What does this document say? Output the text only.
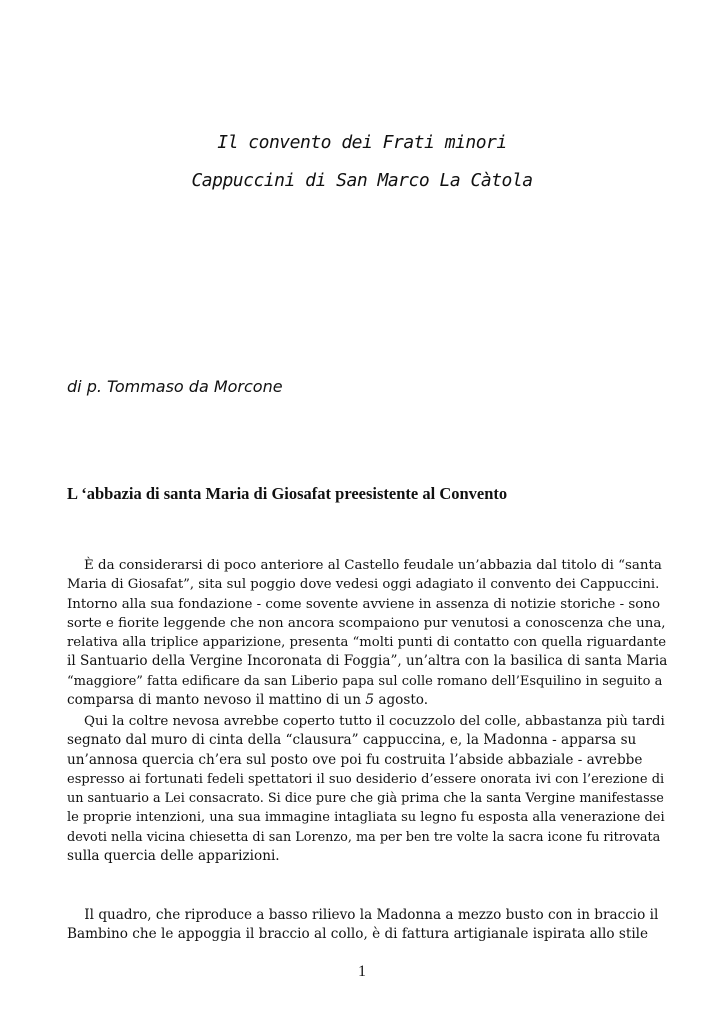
Il convento dei Frati minori
Cappuccini di San Marco La Càtola
di p. Tommaso da Morcone
L ‘abbazia di santa Maria di Giosafat preesistente al Convento
È da considerarsi di poco anteriore al Castello feudale un’abbazia dal titolo di “santa
Maria di Giosafat”, sita sul poggio dove vedesi oggi adagiato il convento dei Cappuccini.
Intorno alla sua fondazione - come sovente avviene in assenza di notizie storiche - sono
sorte e fiorite leggende che non ancora scompaiono pur venutosi a conoscenza che una,
relativa alla triplice apparizione, presenta “molti punti di contatto con quella riguardante
il Santuario della Vergine Incoronata di Foggia”, un’altra con la basilica di santa Maria
“maggiore” fatta edificare da san Liberio papa sul colle romano dell’Esquilino in seguito a
comparsa di manto nevoso il mattino di un 5 agosto.
Qui la coltre nevosa avrebbe coperto tutto il cocuzzolo del colle, abbastanza più tardi
segnato dal muro di cinta della “clausura” cappuccina, e, la Madonna - apparsa su
un’annosa quercia ch’era sul posto ove poi fu costruita l’abside abbaziale - avrebbe
espresso ai fortunati fedeli spettatori il suo desiderio d’essere onorata ivi con l’erezione di
un santuario a Lei consacrato. Si dice pure che già prima che la santa Vergine manifestasse
le proprie intenzioni, una sua immagine intagliata su legno fu esposta alla venerazione dei
devoti nella vicina chiesetta di san Lorenzo, ma per ben tre volte la sacra icone fu ritrovata
sulla quercia delle apparizioni.
Il quadro, che riproduce a basso rilievo la Madonna a mezzo busto con in braccio il
Bambino che le appoggia il braccio al collo, è di fattura artigianale ispirata allo stile
1
